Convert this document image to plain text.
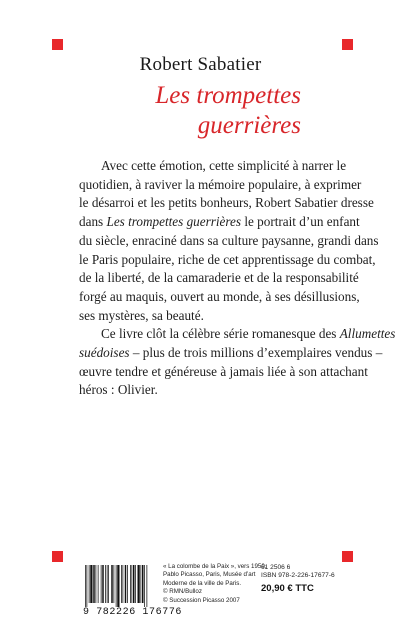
Robert Sabatier
Les trompettes
guerrières

Avec cette émotion, cette simplicité à narrer le
quotidien, à raviver la mémoire populaire, à exprimer
le désarroi et les petits bonheurs, Robert Sabatier dresse
dans Les trompettes guerrières le portrait d’un enfant
du siècle, enraciné dans sa culture paysanne, grandi dans
le Paris populaire, riche de cet apprentissage du combat,
de la liberté, de la camaraderie et de la responsabilité
forgé au maquis, ouvert au monde, à ses désillusions,
ses mystères, sa beauté.

Ce livre clôt la célèbre série romanesque des Allumettes
suédoises – plus de trois millions d’exemplaires vendus –
œuvre tendre et généreuse à jamais liée à son attachant
héros : Olivier.

9 782226 176776
« La colombe de la Paix », vers 1950,
Pablo Picasso, Paris, Musée d’art
Moderne de la ville de Paris.
© RMN/Bulloz
© Succession Picasso 2007
61 2506 6
ISBN 978-2-226-17677-6
20,90 € TTC
